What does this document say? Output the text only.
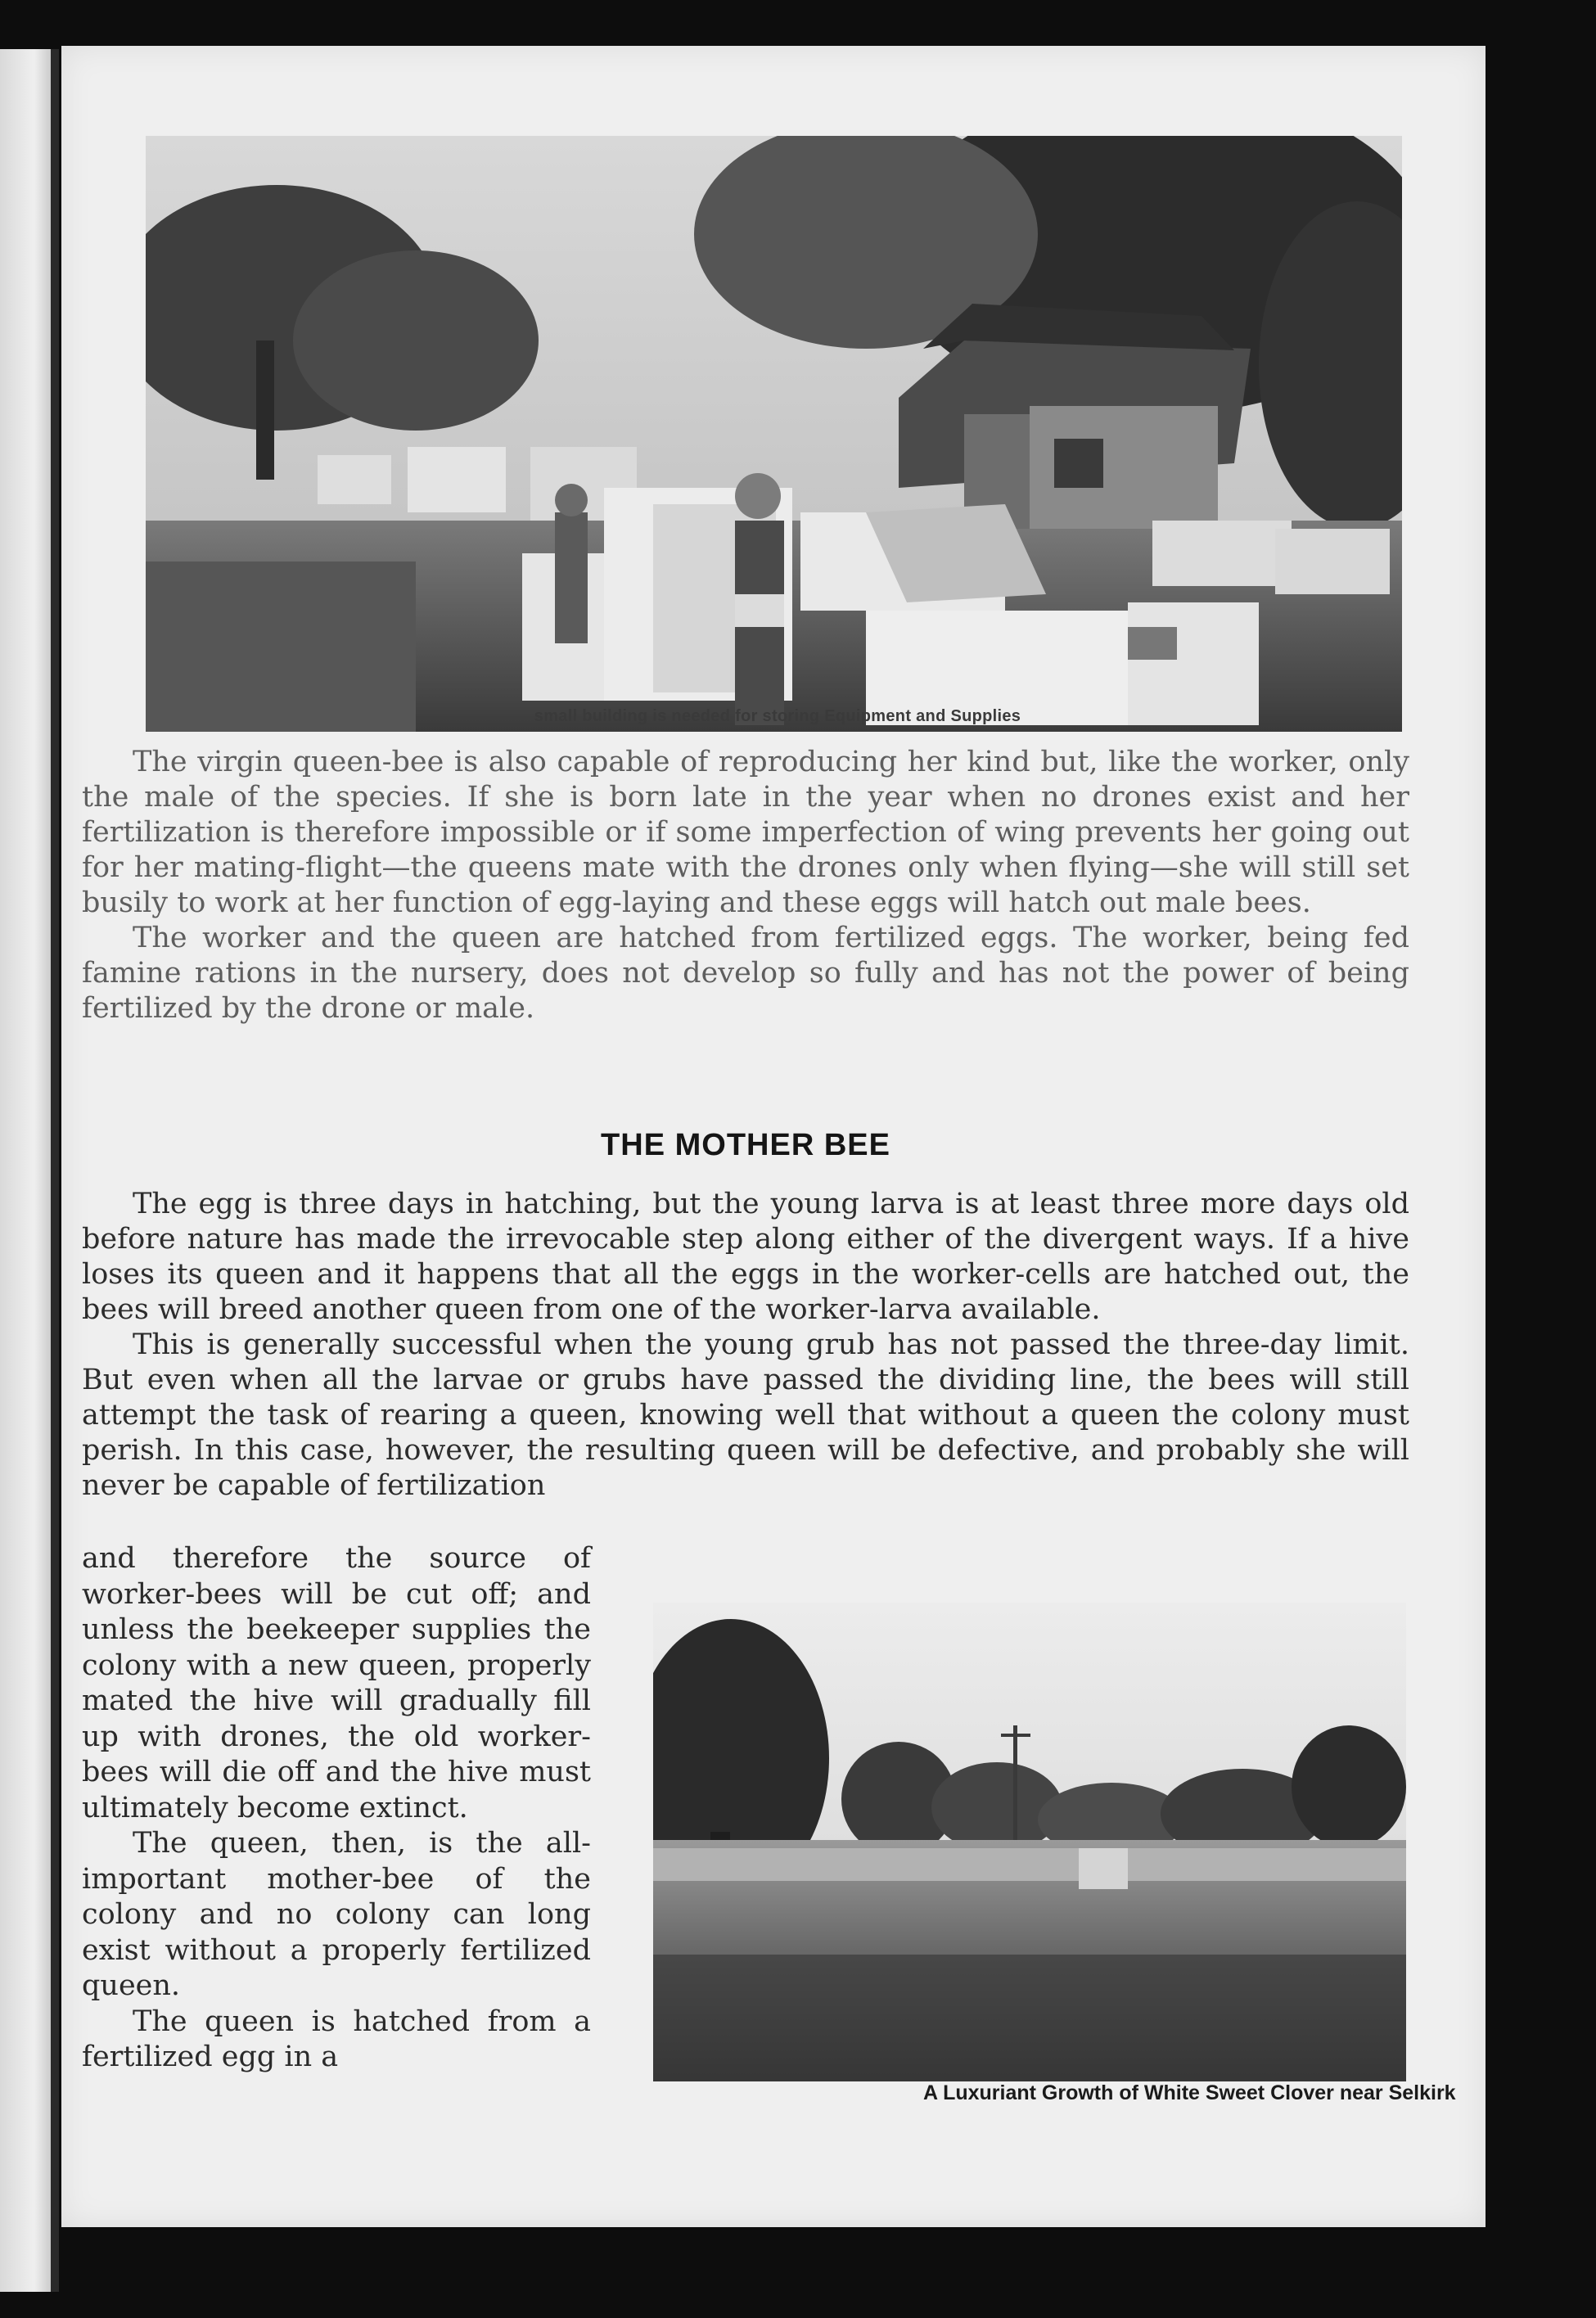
small building is needed for storing Equipment and Supplies

The virgin queen-bee is also capable of reproducing her kind but, like the worker, only the male of the species. If she is born late in the year when no drones exist and her fertilization is therefore impossible or if some imperfection of wing prevents her going out for her mating-flight—the queens mate with the drones only when flying—she will still set busily to work at her function of egg-laying and these eggs will hatch out male bees.

The worker and the queen are hatched from fertilized eggs. The worker, being fed famine rations in the nursery, does not develop so fully and has not the power of being fertilized by the drone or male.

THE MOTHER BEE

The egg is three days in hatching, but the young larva is at least three more days old before nature has made the irrevocable step along either of the divergent ways. If a hive loses its queen and it happens that all the eggs in the worker-cells are hatched out, the bees will breed another queen from one of the worker-larva available.

This is generally successful when the young grub has not passed the three-day limit. But even when all the larvae or grubs have passed the dividing line, the bees will still attempt the task of rearing a queen, knowing well that without a queen the colony must perish. In this case, however, the resulting queen will be defective, and probably she will never be capable of fertilization

and therefore the source of worker-bees will be cut off; and unless the beekeeper supplies the colony with a new queen, properly mated the hive will gradually fill up with drones, the old worker-bees will die off and the hive must ultimately become extinct.

The queen, then, is the all-important mother-bee of the colony and no colony can long exist without a properly fertilized queen.

The queen is hatched from a fertilized egg in a

A Luxuriant Growth of White Sweet Clover near Selkirk
